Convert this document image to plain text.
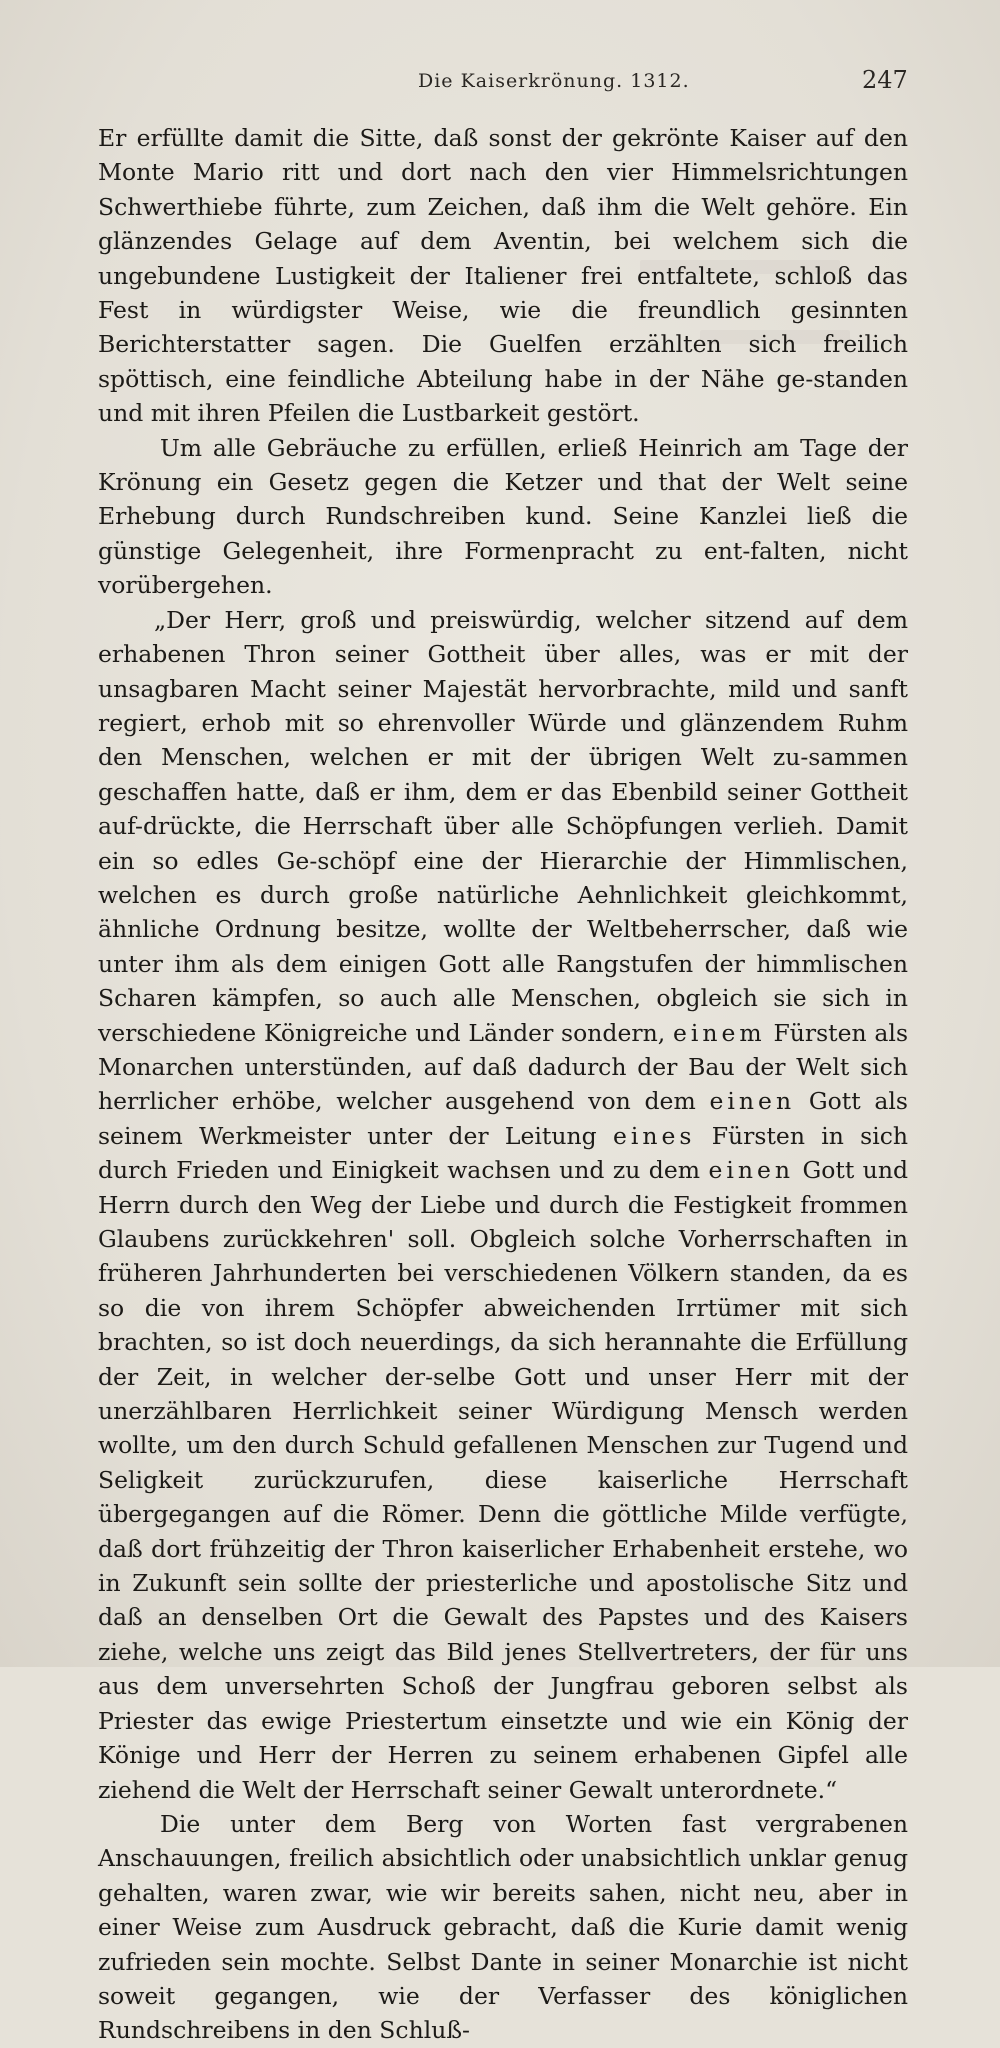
Die Kaiserkrönung. 1312.	247

Er erfüllte damit die Sitte, daß sonst der gekrönte Kaiser auf den Monte Mario ritt und dort nach den vier Himmelsrichtungen Schwerthiebe führte, zum Zeichen, daß ihm die Welt gehöre. Ein glänzendes Gelage auf dem Aventin, bei welchem sich die ungebundene Lustigkeit der Italiener frei entfaltete, schloß das Fest in würdigster Weise, wie die freundlich gesinnten Berichterstatter sagen. Die Guelfen erzählten sich freilich spöttisch, eine feindliche Abteilung habe in der Nähe ge-standen und mit ihren Pfeilen die Lustbarkeit gestört.

Um alle Gebräuche zu erfüllen, erließ Heinrich am Tage der Krönung ein Gesetz gegen die Ketzer und that der Welt seine Erhebung durch Rundschreiben kund. Seine Kanzlei ließ die günstige Gelegenheit, ihre Formenpracht zu ent-falten, nicht vorübergehen.

„Der Herr, groß und preiswürdig, welcher sitzend auf dem erhabenen Thron seiner Gottheit über alles, was er mit der unsagbaren Macht seiner Majestät hervorbrachte, mild und sanft regiert, erhob mit so ehrenvoller Würde und glänzendem Ruhm den Menschen, welchen er mit der übrigen Welt zu-sammen geschaffen hatte, daß er ihm, dem er das Ebenbild seiner Gottheit auf-drückte, die Herrschaft über alle Schöpfungen verlieh. Damit ein so edles Ge-schöpf eine der Hierarchie der Himmlischen, welchen es durch große natürliche Aehnlichkeit gleichkommt, ähnliche Ordnung besitze, wollte der Weltbeherrscher, daß wie unter ihm als dem einigen Gott alle Rangstufen der himmlischen Scharen kämpfen, so auch alle Menschen, obgleich sie sich in verschiedene Königreiche und Länder sondern, einem Fürsten als Monarchen unterstünden, auf daß dadurch der Bau der Welt sich herrlicher erhöbe, welcher ausgehend von dem einen Gott als seinem Werkmeister unter der Leitung eines Fürsten in sich durch Frieden und Einigkeit wachsen und zu dem einen Gott und Herrn durch den Weg der Liebe und durch die Festigkeit frommen Glaubens zurückkehren' soll. Obgleich solche Vorherrschaften in früheren Jahrhunderten bei verschiedenen Völkern standen, da es so die von ihrem Schöpfer abweichenden Irrtümer mit sich brachten, so ist doch neuerdings, da sich herannahte die Erfüllung der Zeit, in welcher der-selbe Gott und unser Herr mit der unerzählbaren Herrlichkeit seiner Würdigung Mensch werden wollte, um den durch Schuld gefallenen Menschen zur Tugend und Seligkeit zurückzurufen, diese kaiserliche Herrschaft übergegangen auf die Römer. Denn die göttliche Milde verfügte, daß dort frühzeitig der Thron kaiserlicher Erhabenheit erstehe, wo in Zukunft sein sollte der priesterliche und apostolische Sitz und daß an denselben Ort die Gewalt des Papstes und des Kaisers ziehe, welche uns zeigt das Bild jenes Stellvertreters, der für uns aus dem unversehrten Schoß der Jungfrau geboren selbst als Priester das ewige Priestertum einsetzte und wie ein König der Könige und Herr der Herren zu seinem erhabenen Gipfel alle ziehend die Welt der Herrschaft seiner Gewalt unterordnete.“

Die unter dem Berg von Worten fast vergrabenen Anschauungen, freilich absichtlich oder unabsichtlich unklar genug gehalten, waren zwar, wie wir bereits sahen, nicht neu, aber in einer Weise zum Ausdruck gebracht, daß die Kurie damit wenig zufrieden sein mochte. Selbst Dante in seiner Monarchie ist nicht soweit gegangen, wie der Verfasser des königlichen Rundschreibens in den Schluß-
